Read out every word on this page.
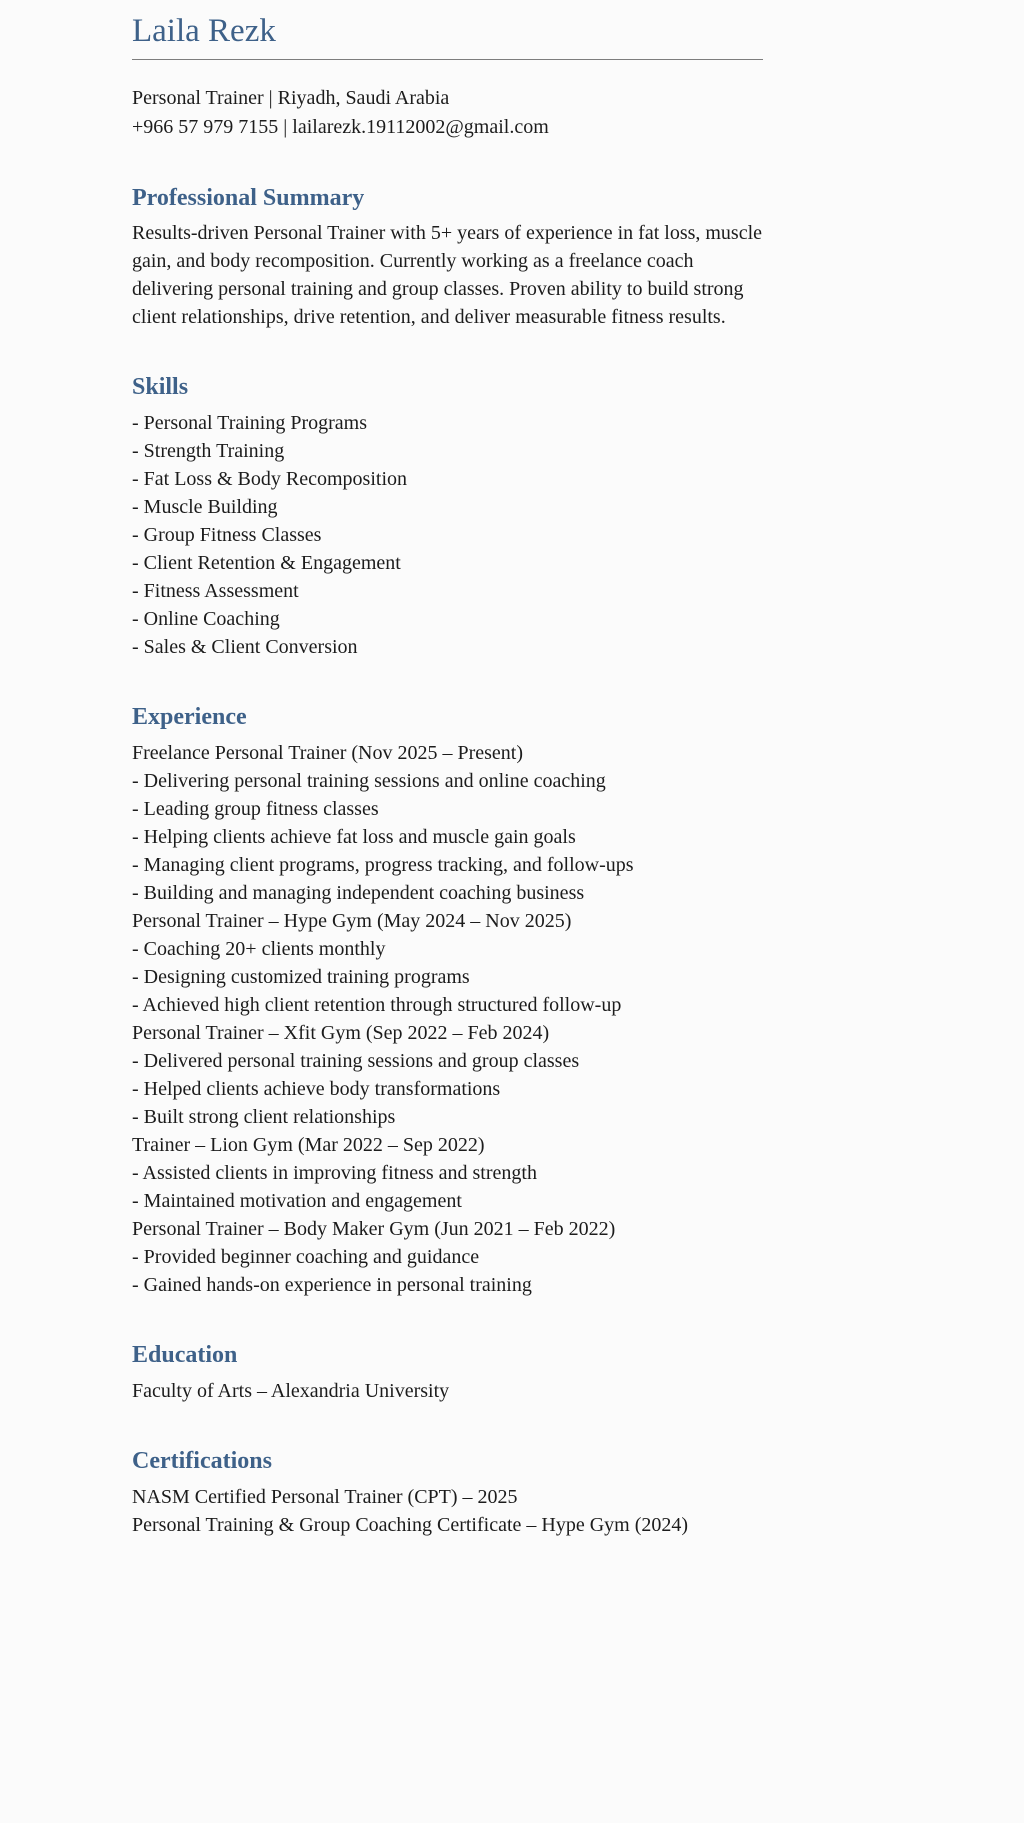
Laila Rezk

Personal Trainer | Riyadh, Saudi Arabia

+966 57 979 7155 | lailarezk.19112002@gmail.com

Professional Summary

Results-driven Personal Trainer with 5+ years of experience in fat loss, muscle gain, and body recomposition. Currently working as a freelance coach delivering personal training and group classes. Proven ability to build strong client relationships, drive retention, and deliver measurable fitness results.

Skills

- Personal Training Programs

- Strength Training

- Fat Loss & Body Recomposition

- Muscle Building

- Group Fitness Classes

- Client Retention & Engagement

- Fitness Assessment

- Online Coaching

- Sales & Client Conversion

Experience

Freelance Personal Trainer (Nov 2025 – Present)

- Delivering personal training sessions and online coaching

- Leading group fitness classes

- Helping clients achieve fat loss and muscle gain goals

- Managing client programs, progress tracking, and follow-ups

- Building and managing independent coaching business

Personal Trainer – Hype Gym (May 2024 – Nov 2025)

- Coaching 20+ clients monthly

- Designing customized training programs

- Achieved high client retention through structured follow-up

Personal Trainer – Xfit Gym (Sep 2022 – Feb 2024)

- Delivered personal training sessions and group classes

- Helped clients achieve body transformations

- Built strong client relationships

Trainer – Lion Gym (Mar 2022 – Sep 2022)

- Assisted clients in improving fitness and strength

- Maintained motivation and engagement

Personal Trainer – Body Maker Gym (Jun 2021 – Feb 2022)

- Provided beginner coaching and guidance

- Gained hands-on experience in personal training

Education

Faculty of Arts – Alexandria University

Certifications

NASM Certified Personal Trainer (CPT) – 2025

Personal Training & Group Coaching Certificate – Hype Gym (2024)
